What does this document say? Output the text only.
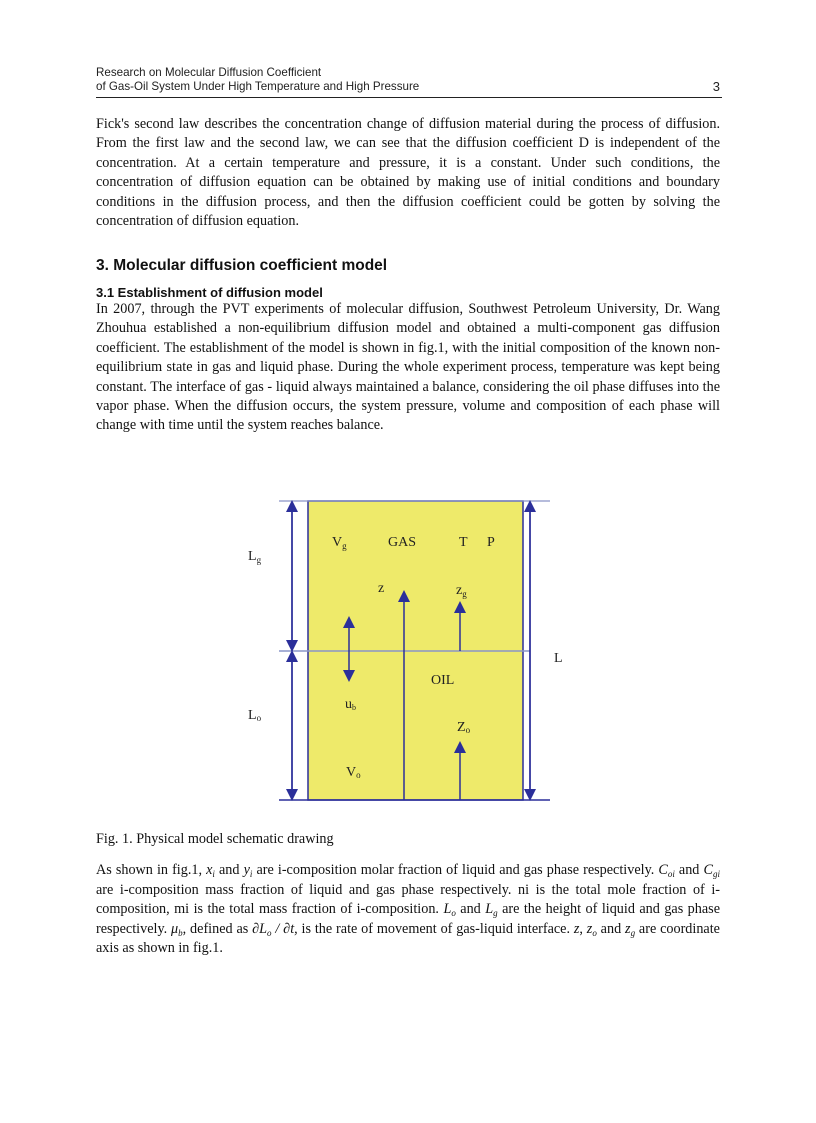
Research on Molecular Diffusion Coefficient
of Gas-Oil System Under High Temperature and High Pressure	3
Fick's second law describes the concentration change of diffusion material during the process of diffusion. From the first law and the second law, we can see that the diffusion coefficient D is independent of the concentration. At a certain temperature and pressure, it is a constant. Under such conditions, the concentration of diffusion equation can be obtained by making use of initial conditions and boundary conditions in the diffusion process, and then the diffusion coefficient could be gotten by solving the concentration of diffusion equation.
3. Molecular diffusion coefficient model
3.1 Establishment of diffusion model
In 2007, through the PVT experiments of molecular diffusion, Southwest Petroleum University, Dr. Wang Zhouhua established a non-equilibrium diffusion model and obtained a multi-component gas diffusion coefficient. The establishment of the model is shown in fig.1, with the initial composition of the known non-equilibrium state in gas and liquid phase. During the whole experiment process, temperature was kept being constant. The interface of gas - liquid always maintained a balance, considering the oil phase diffuses into the vapor phase. When the diffusion occurs, the system pressure, volume and composition of each phase will change with time until the system reaches balance.
$L_g$
$V_g$	GAS	T P
z	$z_g$
L
OIL
ub
Lo
Zo
Vo
Fig. 1. Physical model schematic drawing
As shown in fig.1, $x_i$ and $y_i$ are i-composition molar fraction of liquid and gas phase respectively. $C_{oi}$ and $C_{gi}$ are i-composition mass fraction of liquid and gas phase respectively. ni is the total mole fraction of i-composition, mi is the total mass fraction of i-composition. $L_o$ and $L_g$ are the height of liquid and gas phase respectively. $\mu_b$, defined as $\partial L_o / \partial t$, is the rate of movement of gas-liquid interface. z, $z_o$ and $z_g$ are coordinate axis as shown in fig.1.
